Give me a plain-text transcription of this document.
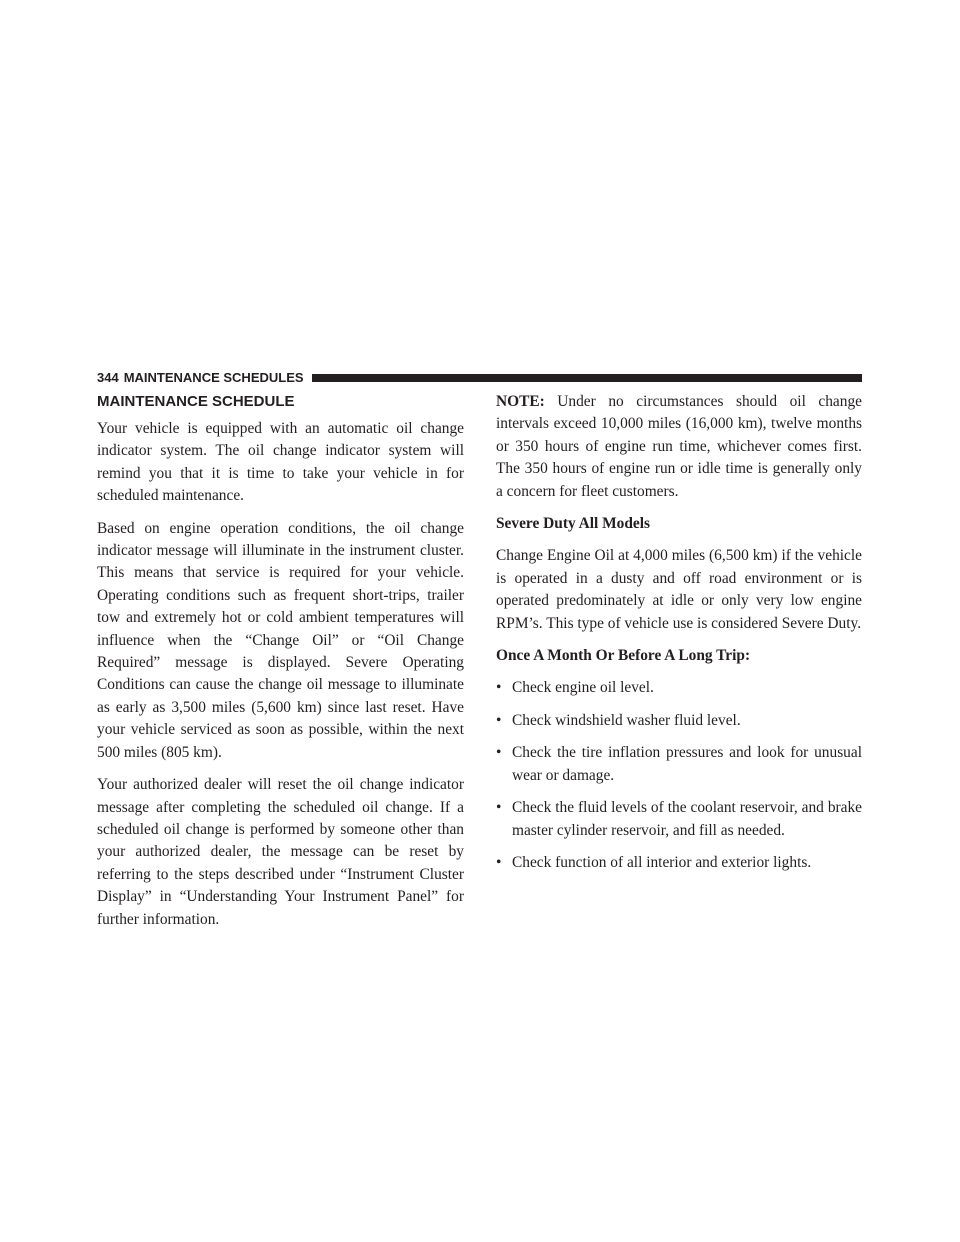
344 MAINTENANCE SCHEDULES
MAINTENANCE SCHEDULE

Your vehicle is equipped with an automatic oil change indicator system. The oil change indicator system will remind you that it is time to take your vehicle in for scheduled maintenance.

Based on engine operation conditions, the oil change indicator message will illuminate in the instrument cluster. This means that service is required for your vehicle. Operating conditions such as frequent short-trips, trailer tow and extremely hot or cold ambient temperatures will influence when the “Change Oil” or “Oil Change Required” message is displayed. Severe Operating Conditions can cause the change oil message to illuminate as early as 3,500 miles (5,600 km) since last reset. Have your vehicle serviced as soon as possible, within the next 500 miles (805 km).

Your authorized dealer will reset the oil change indicator message after completing the scheduled oil change. If a scheduled oil change is performed by someone other than your authorized dealer, the message can be reset by referring to the steps described under “Instrument Cluster Display” in “Understanding Your Instrument Panel” for further information.

NOTE: Under no circumstances should oil change intervals exceed 10,000 miles (16,000 km), twelve months or 350 hours of engine run time, whichever comes first. The 350 hours of engine run or idle time is generally only a concern for fleet customers.

Severe Duty All Models

Change Engine Oil at 4,000 miles (6,500 km) if the vehicle is operated in a dusty and off road environment or is operated predominately at idle or only very low engine RPM’s. This type of vehicle use is considered Severe Duty.

Once A Month Or Before A Long Trip:

• Check engine oil level.
• Check windshield washer fluid level.
• Check the tire inflation pressures and look for unusual wear or damage.
• Check the fluid levels of the coolant reservoir, and brake master cylinder reservoir, and fill as needed.
• Check function of all interior and exterior lights.
